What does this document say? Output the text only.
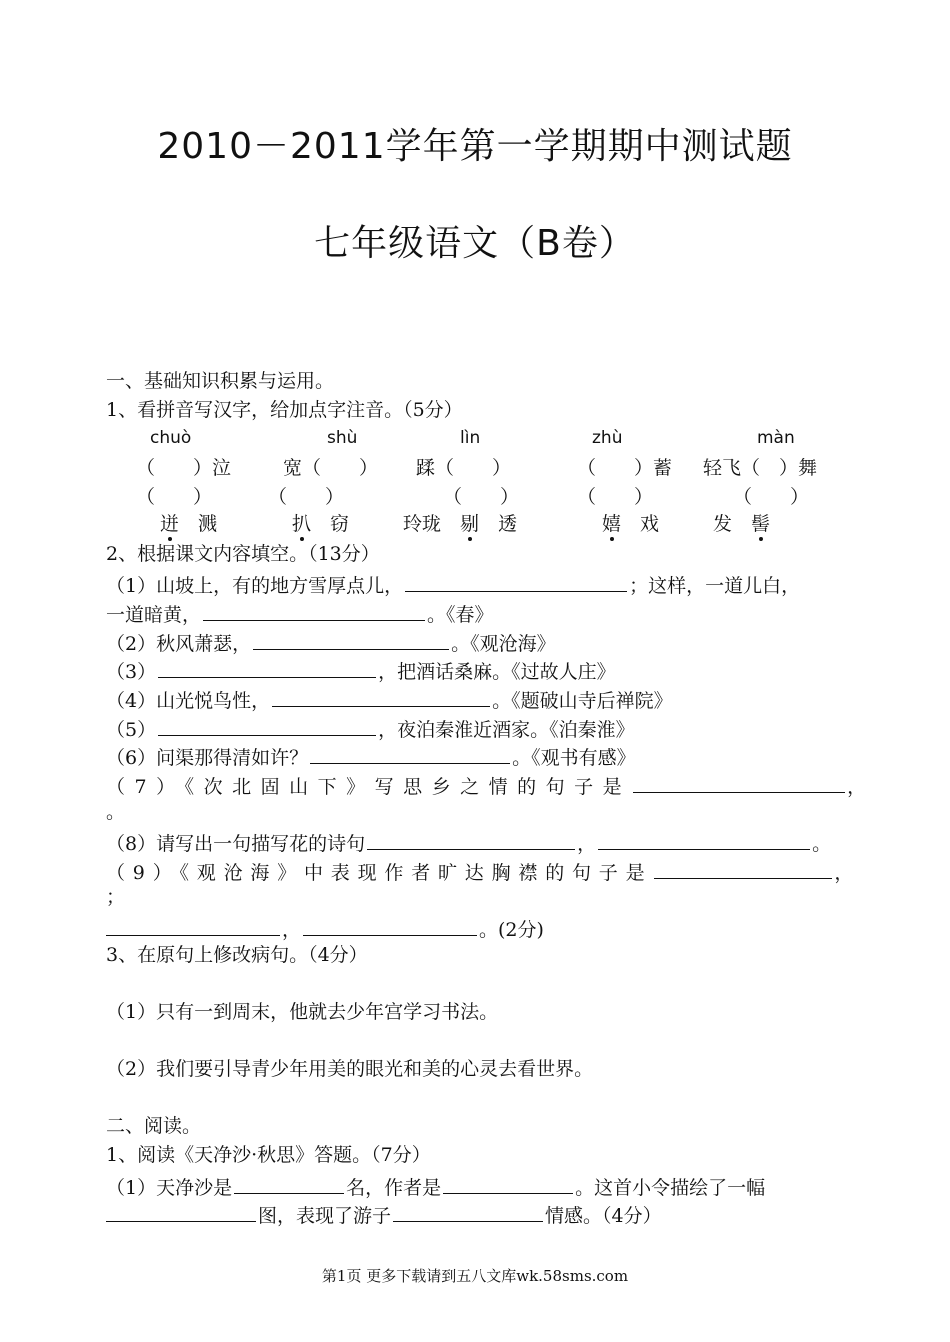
2010－2011学年第一学期期中测试题
七年级语文（B卷）
一、基础知识积累与运用。
1、看拼音写汉字，给加点字注音。（5分）
chuò	shù	lìn	zhù	màn
（　　）泣	宽（　　） 蹂（　　）	（　　）蓄 轻飞（　）舞
（　　）	（　　）	（　　）	（　　）	（　　）
迸　 溅	扒　 窃	玲珑　 剔　 透	嬉　 戏	发　 髻
2、根据课文内容填空。（13分）
（1）山坡上，有的地方雪厚点儿，	；这样，一道儿白，
一道暗黄，	。《春》
（2）秋风萧瑟，	。《观沧海》
（3）	，把酒话桑麻。《过故人庄》
（4）山光悦鸟性，	。《题破山寺后禅院》
（5）	，夜泊秦淮近酒家。《泊秦淮》
（6）问渠那得清如许？	。《观书有感》
（7）《次北固山下》写思乡之情的句子是	，
。
（8）请写出一句描写花的诗句	，	。
（9）《观沧海》中表现作者旷达胸襟的句子是	，
；
，	。(2分)
3、在原句上修改病句。（4分）
（1）只有一到周末，他就去少年宫学习书法。
（2）我们要引导青少年用美的眼光和美的心灵去看世界。
二、阅读。
1、阅读《天净沙·秋思》答题。（7分）
（1）天净沙是	名，作者是	。这首小令描绘了一幅
图，表现了游子	情感。（4分）
第1页 更多下载请到五八文库wk.58sms.com
